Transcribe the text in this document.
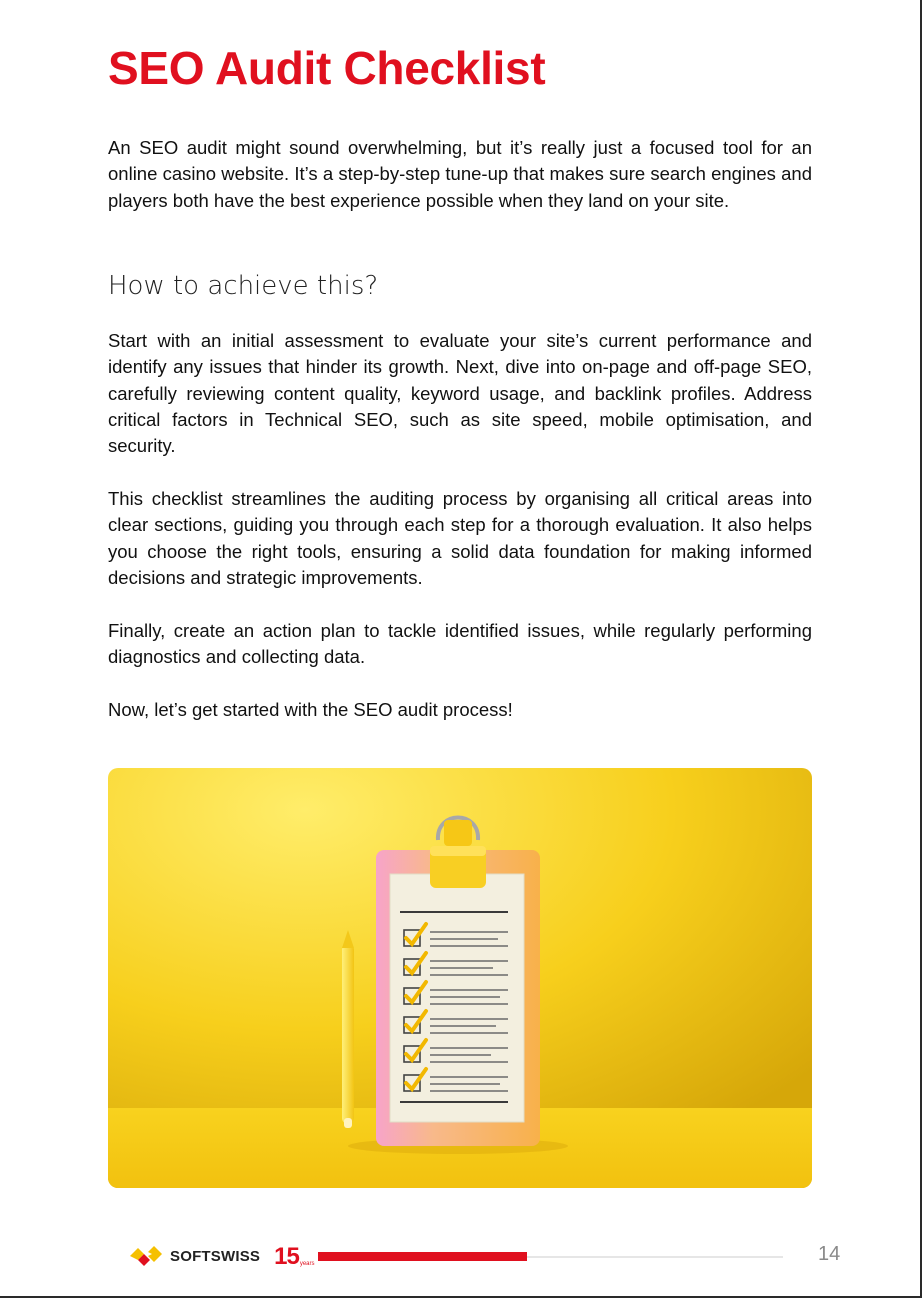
SEO Audit Checklist

An SEO audit might sound overwhelming, but it’s really just a focused tool for an online casino website. It’s a step-by-step tune-up that makes sure search engines and players both have the best experience possible when they land on your site.

How to achieve this?

Start with an initial assessment to evaluate your site’s current performance and identify any issues that hinder its growth. Next, dive into on-page and off-page SEO, carefully reviewing content quality, keyword usage, and backlink profiles. Address critical factors in Technical SEO, such as site speed, mobile optimisation, and security.

This checklist streamlines the auditing process by organising all critical areas into clear sections, guiding you through each step for a thorough evaluation. It also helps you choose the right tools, ensuring a solid data foundation for making informed decisions and strategic improvements.

Finally, create an action plan to tackle identified issues, while regularly performing diagnostics and collecting data.

Now, let’s get started with the SEO audit process!

SOFTSWISS 15 years	14
